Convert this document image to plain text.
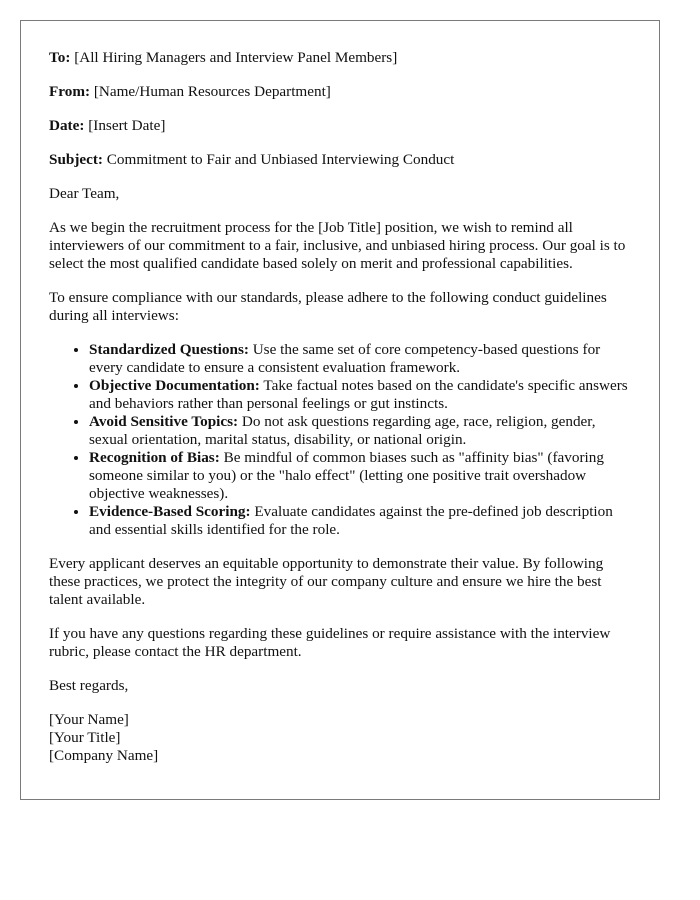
To: [All Hiring Managers and Interview Panel Members]

From: [Name/Human Resources Department]

Date: [Insert Date]

Subject: Commitment to Fair and Unbiased Interviewing Conduct

Dear Team,

As we begin the recruitment process for the [Job Title] position, we wish to remind all interviewers of our commitment to a fair, inclusive, and unbiased hiring process. Our goal is to select the most qualified candidate based solely on merit and professional capabilities.

To ensure compliance with our standards, please adhere to the following conduct guidelines during all interviews:

• Standardized Questions: Use the same set of core competency-based questions for every candidate to ensure a consistent evaluation framework.
• Objective Documentation: Take factual notes based on the candidate's specific answers and behaviors rather than personal feelings or gut instincts.
• Avoid Sensitive Topics: Do not ask questions regarding age, race, religion, gender, sexual orientation, marital status, disability, or national origin.
• Recognition of Bias: Be mindful of common biases such as "affinity bias" (favoring someone similar to you) or the "halo effect" (letting one positive trait overshadow objective weaknesses).
• Evidence-Based Scoring: Evaluate candidates against the pre-defined job description and essential skills identified for the role.

Every applicant deserves an equitable opportunity to demonstrate their value. By following these practices, we protect the integrity of our company culture and ensure we hire the best talent available.

If you have any questions regarding these guidelines or require assistance with the interview rubric, please contact the HR department.

Best regards,

[Your Name]

[Your Title]

[Company Name]
